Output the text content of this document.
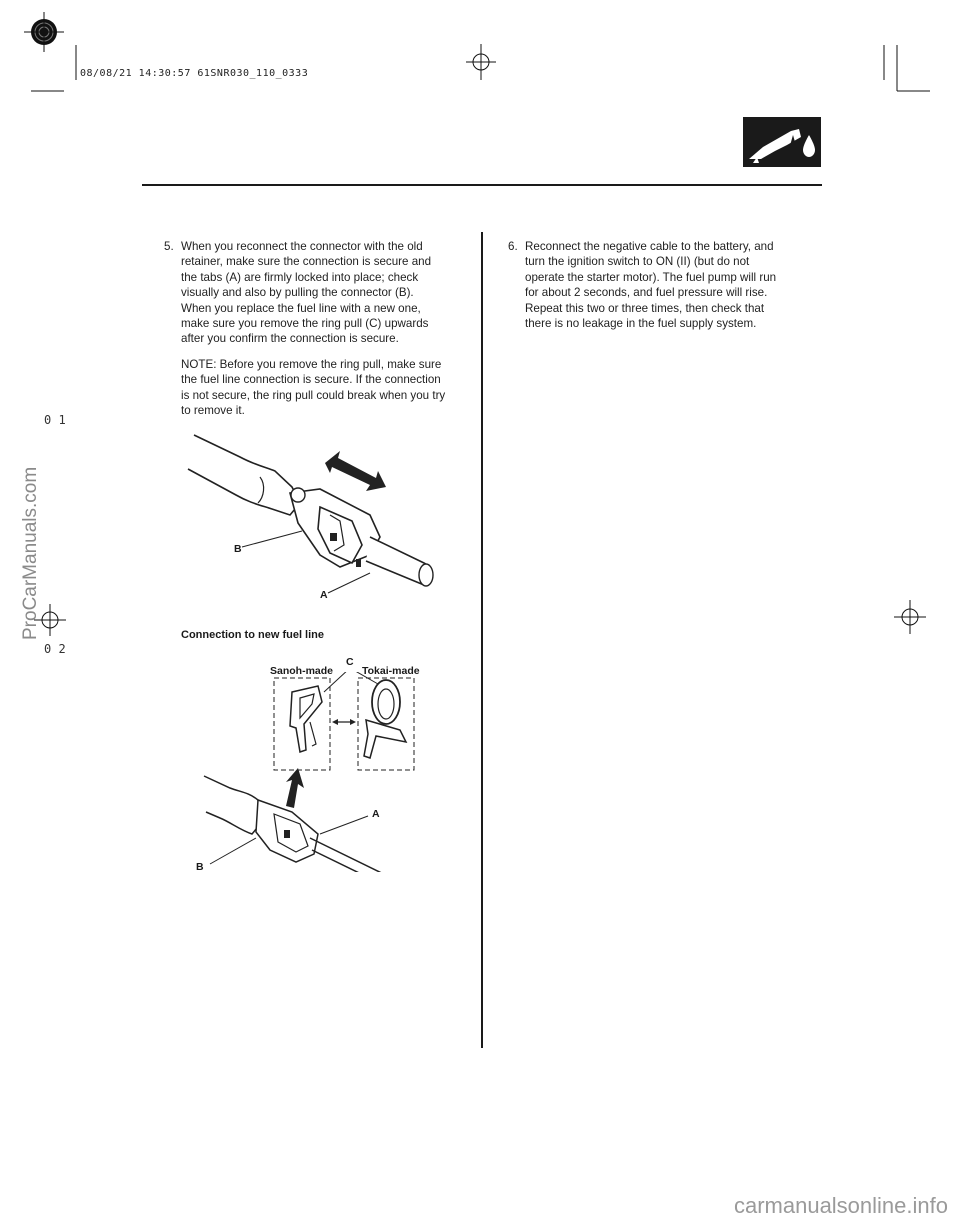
08/08/21 14:30:57 61SNR030_110_0333
0 1
0 2
5. When you reconnect the connector with the old

retainer, make sure the connection is secure and

the tabs (A) are firmly locked into place; check

visually and also by pulling the connector (B).

When you replace the fuel line with a new one,

make sure you remove the ring pull (C) upwards

after you confirm the connection is secure.

NOTE: Before you remove the ring pull, make sure

the fuel line connection is secure. If the connection

is not secure, the ring pull could break when you try

to remove it.

6. Reconnect the negative cable to the battery, and

turn the ignition switch to ON (II) (but do not

operate the starter motor). The fuel pump will run

for about 2 seconds, and fuel pressure will rise.

Repeat this two or three times, then check that

there is no leakage in the fuel supply system.

B
A
Connection to new fuel line
C
Sanoh-made	Tokai-made
A
B
ProCarManuals.com
carmanualsonline.info
